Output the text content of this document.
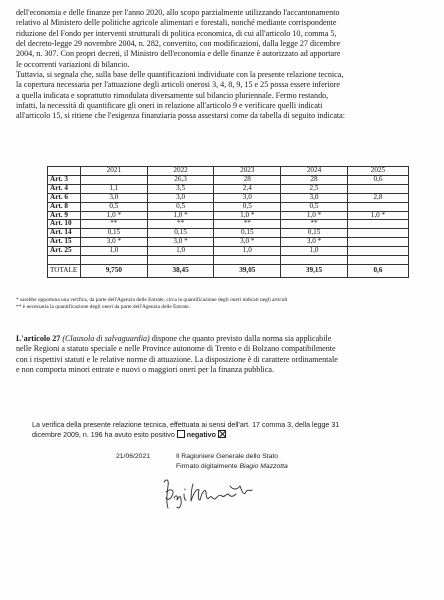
dell'economia e delle finanze per l'anno 2020, allo scopo parzialmente utilizzando l'accantonamento
relativo al Ministero delle politiche agricole alimentari e forestali, nonché mediante corrispondente
riduzione del Fondo per interventi strutturali di politica economica, di cui all'articolo 10, comma 5,
del decreto-legge 29 novembre 2004, n. 282, convertito, con modificazioni, dalla legge 27 dicembre
2004, n. 307. Con propri decreti, il Ministro dell'economia e delle finanze è autorizzato ad apportare
le occorrenti variazioni di bilancio.
Tuttavia, si segnala che, sulla base delle quantificazioni individuate con la presente relazione tecnica,
la copertura necessaria per l'attuazione degli articoli onerosi 3, 4, 8, 9, 15 e 25 possa essere inferiore
a quella indicata e soprattutto rimodulata diversamente sul bilancio pluriennale. Fermo restando,
infatti, la necessità di quantificare gli oneri in relazione all'articolo 9 e verificare quelli indicati
all'articolo 15, si ritiene che l'esigenza finanziaria possa assestarsi come da tabella di seguito indicata:
	2021	2022	2023	2024	2025
Art. 3		26,3	28	28	0,6
Art. 4	1,1	3,5	2,4	2,5	
Art. 6	3,0	3,0	3,0	3,0	2,8
Art. 8	0,5	0,5	0,5	0,5	
Art. 9	1,0 *	1,0 *	1,0 *	1,0 *	1,0 *
Art. 10	**	**	**	**	
Art. 14	0,15	0,15	0,15	0,15	
Art. 15	3,0 *	3,0 *	3,0 *	3,0 *	
Art. 25	1,0	1,0	1,0	1,0	

TOTALE	9,750	38,45	39,05	39,15	0,6
* sarebbe opportuna una verifica, da parte dell'Agenzia delle Entrate, circa la quantificazione degli oneri indicati negli articoli
** è necessaria la quantificazione degli oneri da parte dell'Agenzia delle Entrate.
L'articolo 27 (Clausola di salvaguardia) dispone che quanto previsto dalla norma sia applicabile
nelle Regioni a statuto speciale e nelle Province autonome di Trento e di Bolzano compatibilmente
con i rispettivi statuti e le relative norme di attuazione. La disposizione è di carattere ordinamentale
e non comporta minori entrate e nuovi o maggiori oneri per la finanza pubblica.
La verifica della presente relazione tecnica, effettuata ai sensi dell'art. 17 comma 3, della legge 31
dicembre 2009, n. 196 ha avuto esito positivo negativo
21/06/2021	Il Ragioniere Generale dello Stato
Firmato digitalmente Biagio Mazzotta
